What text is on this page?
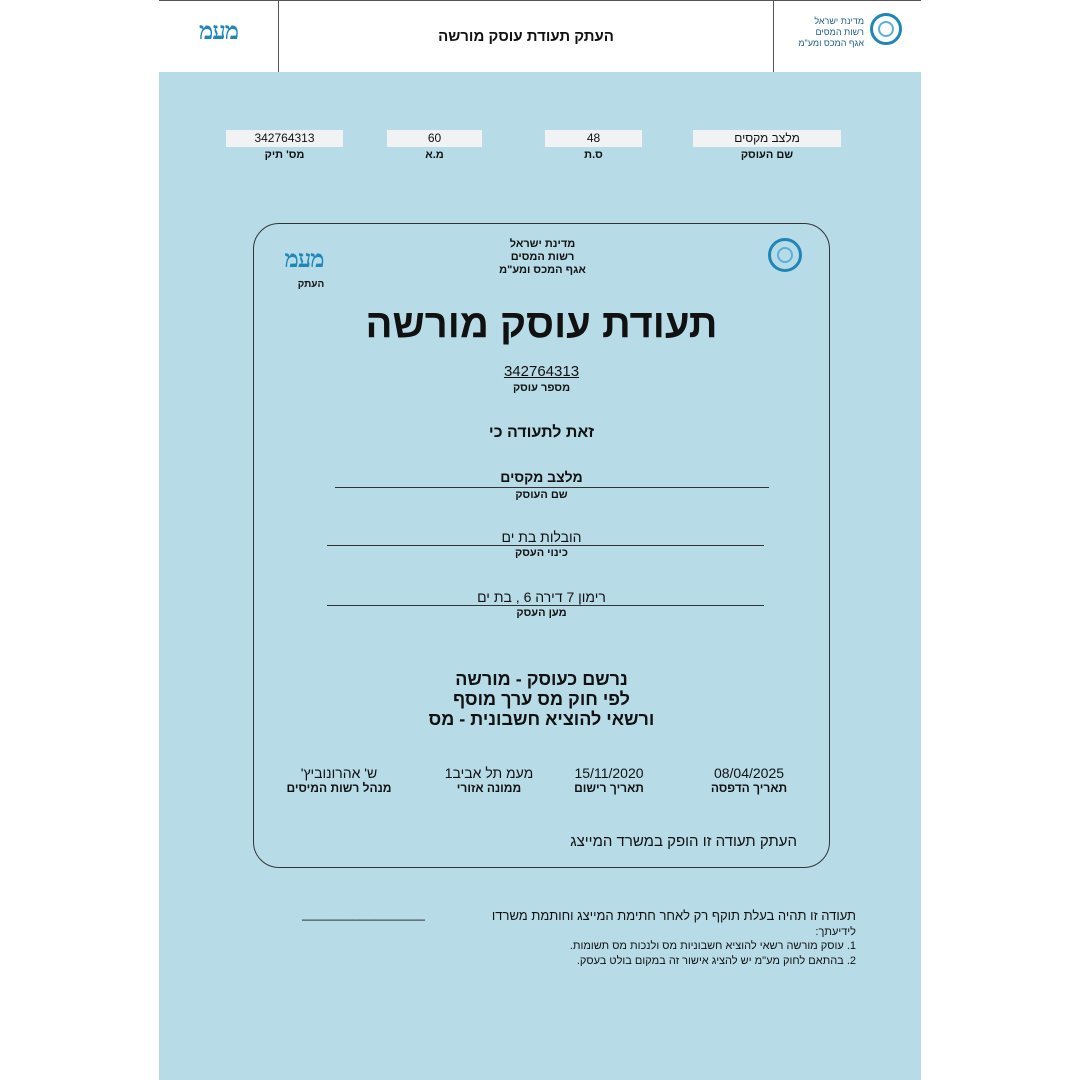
מעמ	העתק תעודת עוסק מורשה
מדינת ישראל
רשות המסים
אגף המכס ומע"מ
342764313
מס' תיק
60
מ.א
48
ס.ת
מלצב מקסים
שם העוסק
מדינת ישראל
רשות המסים
אגף המכס ומע"מ
מעמ
העתק
תעודת עוסק מורשה
342764313
מספר עוסק
זאת לתעודה כי
מלצב מקסים
שם העוסק
הובלות בת ים
כינוי העסק
רימון 7 דירה 6 , בת ים
מען העסק
נרשם כעוסק - מורשה
לפי חוק מס ערך מוסף
ורשאי להוציא חשבונית - מס
08/04/2025
תאריך הדפסה
15/11/2020
תאריך רישום
מעמ תל אביב1
ממונה אזורי
ש' אהרונוביץ'
מנהל רשות המיסים
העתק תעודה זו הופק במשרד המייצג
תעודה זו תהיה בעלת תוקף רק לאחר חתימת המייצג וחותמת משרדו
_________________
לידיעתך:
1. עוסק מורשה רשאי להוציא חשבוניות מס ולנכות מס תשומות.
2. בהתאם לחוק מע"מ יש להציג אישור זה במקום בולט בעסק.
